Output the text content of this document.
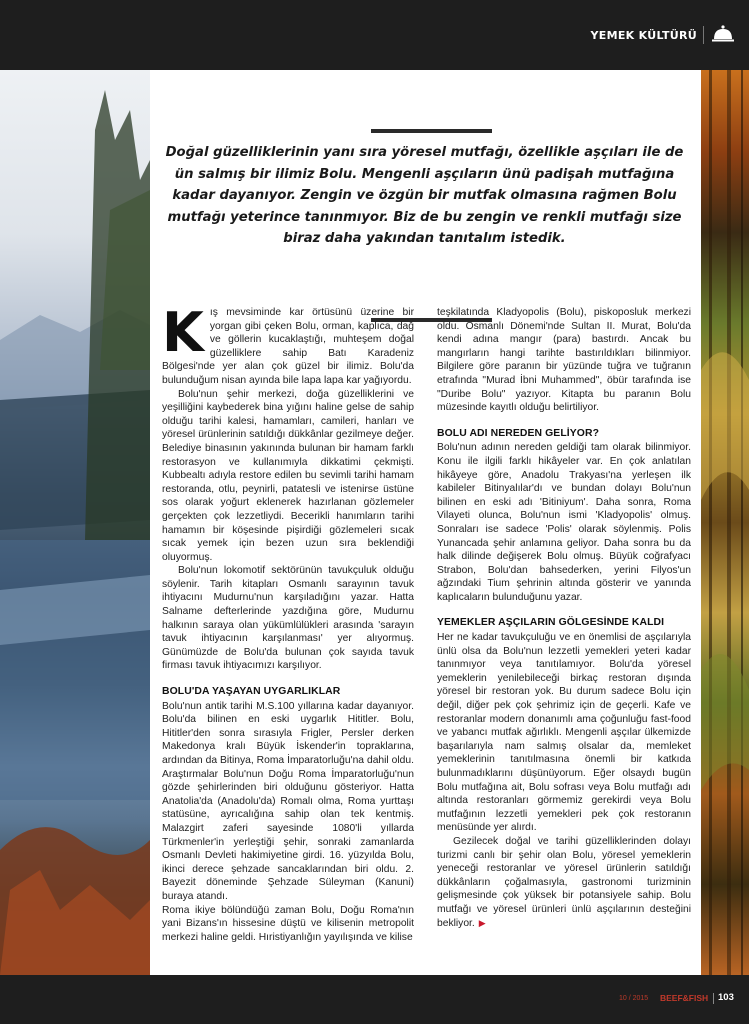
YEMEK KÜLTÜRÜ

Doğal güzelliklerinin yanı sıra yöresel mutfağı, özellikle aşçıları ile de ün salmış bir ilimiz Bolu. Mengenli aşçıların ünü padişah mutfağına kadar dayanıyor. Zengin ve özgün bir mutfak olmasına rağmen Bolu mutfağı yeterince tanınmıyor. Biz de bu zengin ve renkli mutfağı size biraz daha yakından tanıtalım istedik.

Kış mevsiminde kar örtüsünü üzerine bir yorgan gibi çeken Bolu, orman, kaplıca, dağ ve göllerin kucaklaştığı, muhteşem doğal güzelliklere sahip Batı Karadeniz Bölgesi'nde yer alan çok güzel bir ilimiz. Bolu'da bulunduğum nisan ayında bile lapa lapa kar yağıyordu.

Bolu'nun şehir merkezi, doğa güzelliklerini ve yeşilliğini kaybederek bina yığını haline gelse de sahip olduğu tarihi kalesi, hamamları, camileri, hanları ve yöresel ürünlerinin satıldığı dükkânlar gezilmeye değer. Belediye binasının yakınında bulunan bir hamam farklı restorasyon ve kullanımıyla dikkatimi çekmişti. Kubbealtı adıyla restore edilen bu sevimli tarihi hamam restoranda, otlu, peynirli, patatesli ve istenirse üstüne sos olarak yoğurt eklenerek hazırlanan gözlemeler gerçekten çok lezzetliydi. Becerikli hanımların tarihi hamamın bir köşesinde pişirdiği gözlemeleri sıcak sıcak yemek için bezen uzun sıra beklendiği oluyormuş.

Bolu'nun lokomotif sektörünün tavukçuluk olduğu söylenir. Tarih kitapları Osmanlı sarayının tavuk ihtiyacını Mudurnu'nun karşıladığını yazar. Hatta Salname defterlerinde yazdığına göre, Mudurnu halkının saraya olan yükümlülükleri arasında 'sarayın tavuk ihtiyacının karşılanması' yer alıyormuş. Günümüzde de Bolu'da bulunan çok sayıda tavuk firması tavuk ihtiyacımızı karşılıyor.

BOLU'DA YAŞAYAN UYGARLIKLAR

Bolu'nun antik tarihi M.S.100 yıllarına kadar dayanıyor. Bolu'da bilinen en eski uygarlık Hititler. Bolu, Hititler'den sonra sırasıyla Frigler, Persler derken Makedonya kralı Büyük İskender'in topraklarına, ardından da Bitinya, Roma İmparatorluğu'na dahil oldu. Araştırmalar Bolu'nun Doğu Roma İmparatorluğu'nun gözde şehirlerinden biri olduğunu gösteriyor. Hatta Anatolia'da (Anadolu'da) Romalı olma, Roma yurttaşı statüsüne, ayrıcalığına sahip olan tek kentmiş. Malazgirt zaferi sayesinde 1080'li yıllarda Türkmenler'in yerleştiği şehir, sonraki zamanlarda Osmanlı Devleti hakimiyetine girdi. 16. yüzyılda Bolu, ikinci derece şehzade sancaklarından biri oldu. 2. Bayezit döneminde Şehzade Süleyman (Kanuni) buraya atandı.

Roma ikiye bölündüğü zaman Bolu, Doğu Roma'nın yani Bizans'ın hissesine düştü ve kilisenin metropolit merkezi haline geldi. Hıristiyanlığın yayılışında ve kilise

teşkilatında Kladyopolis (Bolu), piskoposluk merkezi oldu. Osmanlı Dönemi'nde Sultan II. Murat, Bolu'da kendi adına mangır (para) bastırdı. Ancak bu mangırların hangi tarihte bastırıldıkları bilinmiyor. Bilgilere göre paranın bir yüzünde tuğra ve tuğranın etrafında "Murad İbni Muhammed", öbür tarafında ise "Duribe Bolu" yazıyor. Kitapta bu paranın Bolu müzesinde kayıtlı olduğu belirtiliyor.

BOLU ADI NEREDEN GELİYOR?

Bolu'nun adının nereden geldiği tam olarak bilinmiyor. Konu ile ilgili farklı hikâyeler var. En çok anlatılan hikâyeye göre, Anadolu Trakyası'na yerleşen ilk kabileler Bitinyalılar'dı ve bundan dolayı Bolu'nun bilinen en eski adı 'Bitiniyum'. Daha sonra, Roma Vilayeti olunca, Bolu'nun ismi 'Kladyopolis' olmuş. Sonraları ise sadece 'Polis' olarak söylenmiş. Polis Yunancada şehir anlamına geliyor. Daha sonra bu da halk dilinde değişerek Bolu olmuş. Büyük coğrafyacı Strabon, Bolu'dan bahsederken, yerini Filyos'un ağzındaki Tium şehrinin altında gösterir ve yanında kaplıcaların bulunduğunu yazar.

YEMEKLER AŞÇILARIN GÖLGESİNDE KALDI

Her ne kadar tavukçuluğu ve en önemlisi de aşçılarıyla ünlü olsa da Bolu'nun lezzetli yemekleri yeteri kadar tanınmıyor veya tanıtılamıyor. Bolu'da yöresel yemeklerin yenilebileceği birkaç restoran dışında yöresel bir restoran yok. Bu durum sadece Bolu için değil, diğer pek çok şehrimiz için de geçerli. Kafe ve restoranlar modern donanımlı ama çoğunluğu fast-food ve yabancı mutfak ağırlıklı. Mengenli aşçılar ülkemizde başarılarıyla nam salmış olsalar da, memleket yemeklerinin tanıtılmasına önemli bir katkıda bulunmadıklarını düşünüyorum. Eğer olsaydı bugün Bolu mutfağına ait, Bolu sofrası veya Bolu mutfağı adı altında restoranları görmemiz gerekirdi veya Bolu mutfağının lezzetli yemekleri pek çok restoranın menüsünde yer alırdı.

Gezilecek doğal ve tarihi güzelliklerinden dolayı turizmi canlı bir şehir olan Bolu, yöresel yemeklerin yeneceği restoranlar ve yöresel ürünlerin satıldığı dükkânların çoğalmasıyla, gastronomi turizminin gelişmesinde çok yüksek bir potansiyele sahip. Bolu mutfağı ve yöresel ürünleri ünlü aşçılarının desteğini bekliyor. ▶

10 / 2015 BEEF&FISH 103
